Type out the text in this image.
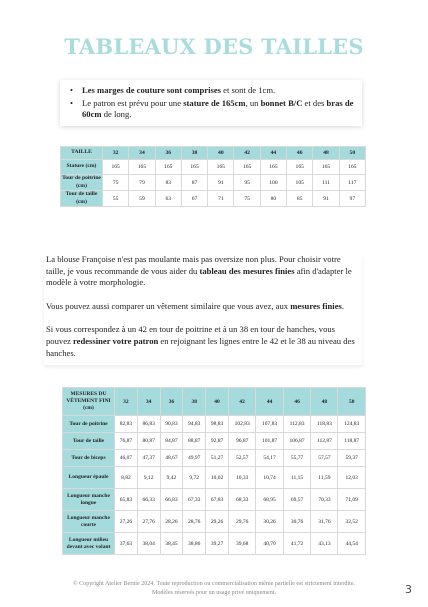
TABLEAUX DES TAILLES
• Les marges de couture sont comprises et sont de 1cm.
• Le patron est prévu pour une stature de 165cm, un bonnet B/C et des bras de 60cm de long.
TAILLE	32	34	36	38	40	42	44	46	48	50
Stature (cm)	165	165	165	165	165	165	165	165	165	165
Tour de poitrine (cm)	75	79	83	87	91	95	100	105	111	117
Tour de taille (cm)	55	59	63	67	71	75	80	85	91	97

La blouse Françoise n'est pas moulante mais pas oversize non plus. Pour choisir votre taille, je vous recommande de vous aider du tableau des mesures finies afin d'adapter le modèle à votre morphologie.

Vous pouvez aussi comparer un vêtement similaire que vous avez, aux mesures finies.

Si vous correspondez à un 42 en tour de poitrine et à un 38 en tour de hanches, vous pouvez redessiner votre patron en rejoignant les lignes entre le 42 et le 38 au niveau des hanches.

MESURES DU VÊTEMENT FINI (cm)	32	34	36	38	40	42	44	46	48	50
Tour de poitrine	82,83	86,83	90,83	94,83	98,83	102,83	107,83	112,83	118,83	124,83
Tour de taille	76,87	80,87	84,87	88,87	92,87	96,87	101,87	106,87	112,87	118,87
Tour de biceps	46,07	47,37	48,67	49,97	51,27	52,57	54,17	55,77	57,57	59,37
Longueur épaule	8,82	9,12	9,42	9,72	10,02	10,33	10,74	11,15	11,59	12,03
Longueur manche longue	65,83	66,33	66,83	67,33	67,83	68,33	68,95	69,57	70,33	71,09
Longueur manche courte	27,26	27,76	28,26	28,76	29,26	29,76	30,26	30,76	31,76	32,52
Longueur milieu devant avec volant	37,63	38,04	38,45	38,86	39,27	39,68	40,70	41,72	43,13	44,54
© Copyright Atelier Bernie 2024. Toute reproduction ou commercialisation même partielle est strictement interdite.
Modèles réservés pour un usage privé uniquement.	3
